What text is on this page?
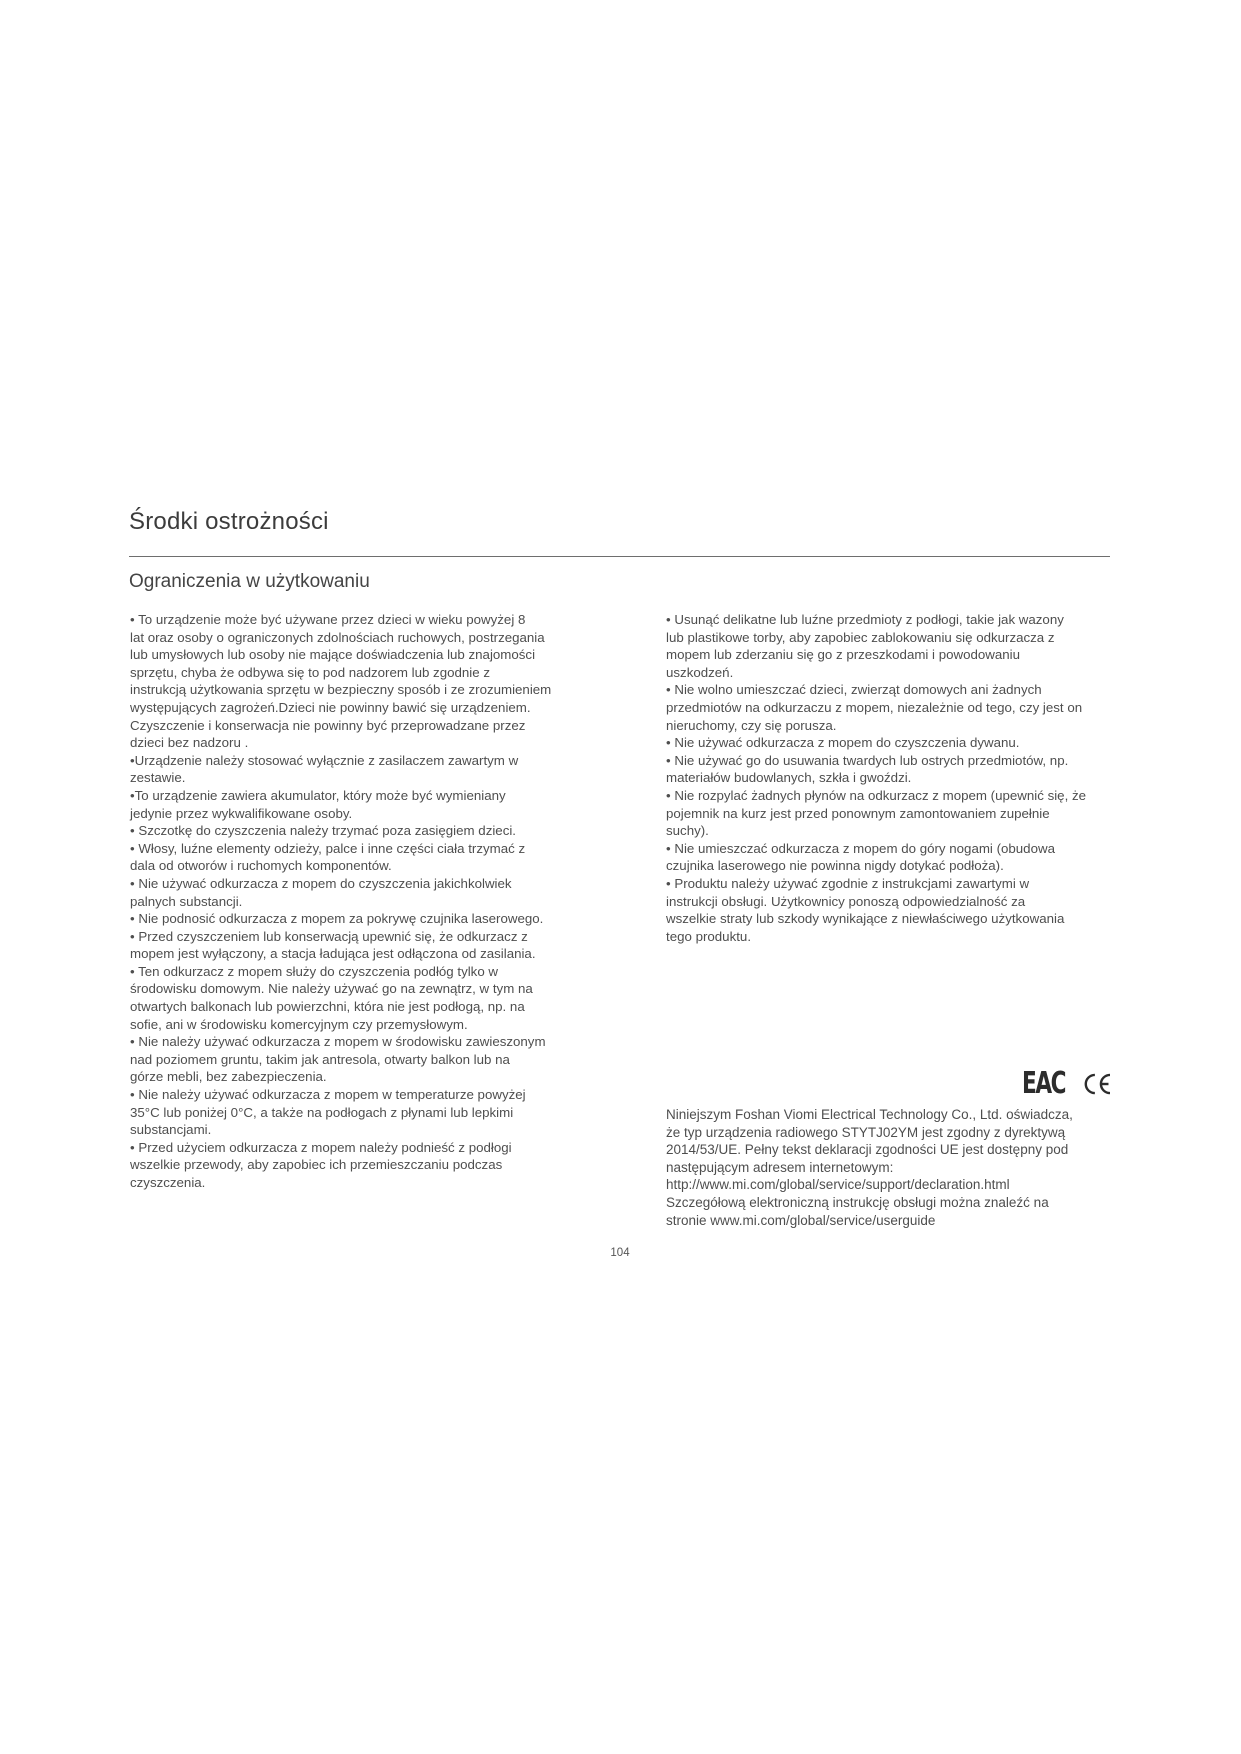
Środki ostrożności
Ograniczenia w użytkowaniu

• To urządzenie może być używane przez dzieci w wieku powyżej 8

lat oraz osoby o ograniczonych zdolnościach ruchowych, postrzegania

lub umysłowych lub osoby nie mające doświadczenia lub znajomości

sprzętu, chyba że odbywa się to pod nadzorem lub zgodnie z

instrukcją użytkowania sprzętu w bezpieczny sposób i ze zrozumieniem

występujących zagrożeń.Dzieci nie powinny bawić się urządzeniem.

Czyszczenie i konserwacja nie powinny być przeprowadzane przez

dzieci bez nadzoru .

•Urządzenie należy stosować wyłącznie z zasilaczem zawartym w

zestawie.

•To urządzenie zawiera akumulator, który może być wymieniany

jedynie przez wykwalifikowane osoby.

• Szczotkę do czyszczenia należy trzymać poza zasięgiem dzieci.

• Włosy, luźne elementy odzieży, palce i inne części ciała trzymać z

dala od otworów i ruchomych komponentów.

• Nie używać odkurzacza z mopem do czyszczenia jakichkolwiek

palnych substancji.

• Nie podnosić odkurzacza z mopem za pokrywę czujnika laserowego.

• Przed czyszczeniem lub konserwacją upewnić się, że odkurzacz z

mopem jest wyłączony, a stacja ładująca jest odłączona od zasilania.

• Ten odkurzacz z mopem służy do czyszczenia podłóg tylko w

środowisku domowym. Nie należy używać go na zewnątrz, w tym na

otwartych balkonach lub powierzchni, która nie jest podłogą, np. na

sofie, ani w środowisku komercyjnym czy przemysłowym.

• Nie należy używać odkurzacza z mopem w środowisku zawieszonym

nad poziomem gruntu, takim jak antresola, otwarty balkon lub na

górze mebli, bez zabezpieczenia.

• Nie należy używać odkurzacza z mopem w temperaturze powyżej

35°C lub poniżej 0°C, a także na podłogach z płynami lub lepkimi

substancjami.

• Przed użyciem odkurzacza z mopem należy podnieść z podłogi

wszelkie przewody, aby zapobiec ich przemieszczaniu podczas

czyszczenia.

• Usunąć delikatne lub luźne przedmioty z podłogi, takie jak wazony

lub plastikowe torby, aby zapobiec zablokowaniu się odkurzacza z

mopem lub zderzaniu się go z przeszkodami i powodowaniu

uszkodzeń.

• Nie wolno umieszczać dzieci, zwierząt domowych ani żadnych

przedmiotów na odkurzaczu z mopem, niezależnie od tego, czy jest on

nieruchomy, czy się porusza.

• Nie używać odkurzacza z mopem do czyszczenia dywanu.

• Nie używać go do usuwania twardych lub ostrych przedmiotów, np.

materiałów budowlanych, szkła i gwoździ.

• Nie rozpylać żadnych płynów na odkurzacz z mopem (upewnić się, że

pojemnik na kurz jest przed ponownym zamontowaniem zupełnie

suchy).

• Nie umieszczać odkurzacza z mopem do góry nogami (obudowa

czujnika laserowego nie powinna nigdy dotykać podłoża).

• Produktu należy używać zgodnie z instrukcjami zawartymi w

instrukcji obsługi. Użytkownicy ponoszą odpowiedzialność za

wszelkie straty lub szkody wynikające z niewłaściwego użytkowania

tego produktu.

EAC

Niniejszym Foshan Viomi Electrical Technology Co., Ltd. oświadcza,

że typ urządzenia radiowego STYTJ02YM jest zgodny z dyrektywą

2014/53/UE. Pełny tekst deklaracji zgodności UE jest dostępny pod

następującym adresem internetowym:

http://www.mi.com/global/service/support/declaration.html

Szczegółową elektroniczną instrukcję obsługi można znaleźć na

stronie www.mi.com/global/service/userguide

104
